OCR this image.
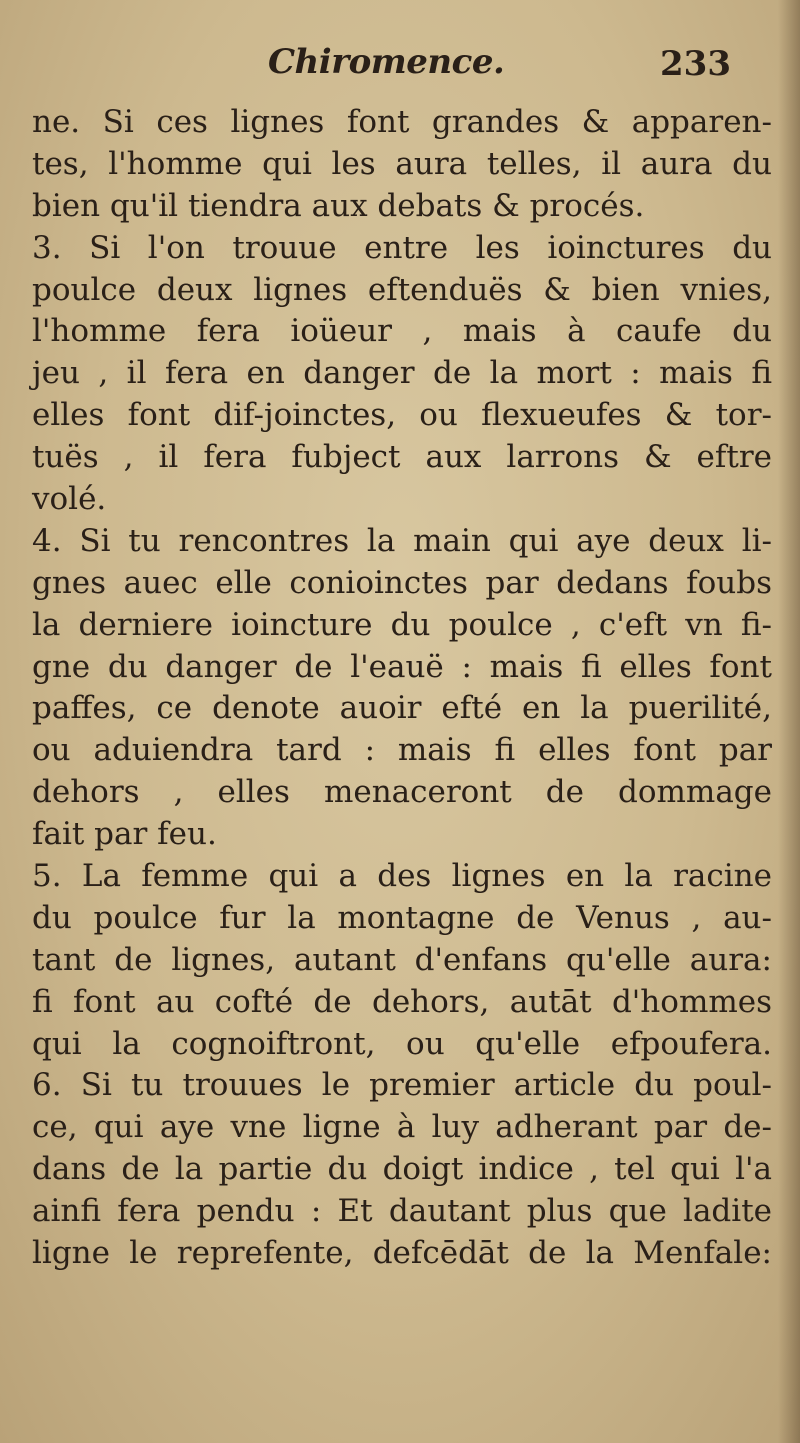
Chiromence.	233
ne. Si ces lignes font grandes & apparen-
tes, l'homme qui les aura telles, il aura du
bien qu'il tiendra aux debats & procés.
3. Si l'on trouue entre les ioinctures du
poulce deux lignes eftenduës & bien vnies,
l'homme fera ioüeur , mais à caufe du
jeu , il fera en danger de la mort : mais fi
elles font dif-joinctes, ou flexueufes & tor-
tuës , il fera fubject aux larrons & eftre
volé.
4. Si tu rencontres la main qui aye deux li-
gnes auec elle conioinctes par dedans foubs
la derniere ioincture du poulce , c'eft vn fi-
gne du danger de l'eauë : mais fi elles font
paffes, ce denote auoir efté en la puerilité,
ou aduiendra tard : mais fi elles font par
dehors , elles menaceront de dommage
fait par feu.
5. La femme qui a des lignes en la racine
du poulce fur la montagne de Venus , au-
tant de lignes, autant d'enfans qu'elle aura:
fi font au cofté de dehors, autāt d'hommes
qui la cognoiftront, ou qu'elle efpoufera.
6. Si tu trouues le premier article du poul-
ce, qui aye vne ligne à luy adherant par de-
dans de la partie du doigt indice , tel qui l'a
ainfi fera pendu : Et dautant plus que ladite
ligne le reprefente, defcēdāt de la Menfale:
